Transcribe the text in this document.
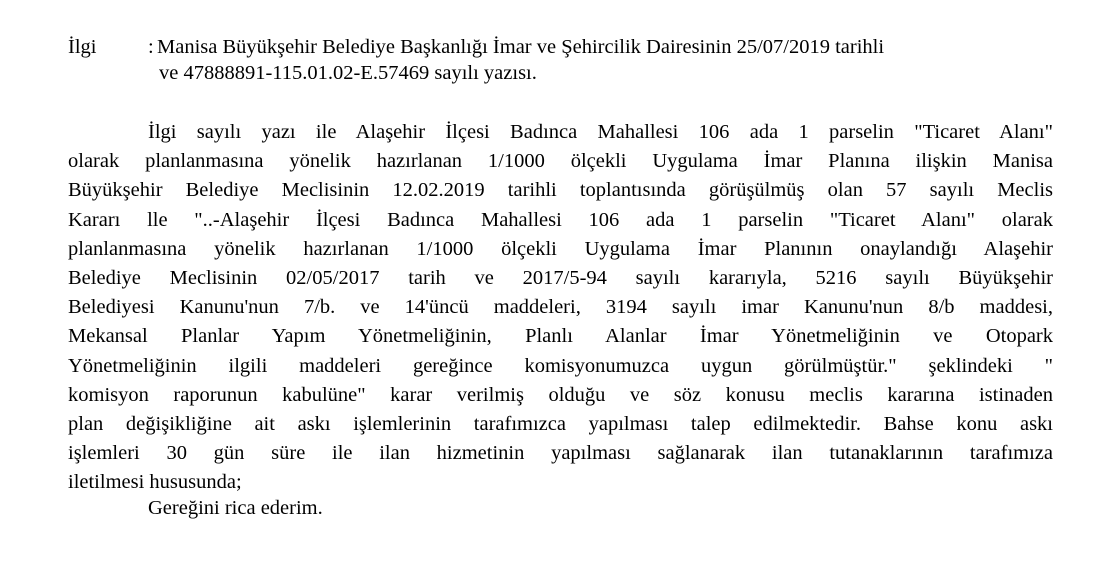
İlgi	: Manisa Büyükşehir Belediye Başkanlığı İmar ve Şehircilik Dairesinin 25/07/2019 tarihli
ve 47888891-115.01.02-E.57469 sayılı yazısı.
İlgi sayılı yazı ile Alaşehir İlçesi Badınca Mahallesi 106 ada 1 parselin "Ticaret Alanı"
olarak planlanmasına yönelik hazırlanan 1/1000 ölçekli Uygulama İmar Planına ilişkin Manisa
Büyükşehir Belediye Meclisinin 12.02.2019 tarihli toplantısında görüşülmüş olan 57 sayılı Meclis
Kararı lle "..-Alaşehir İlçesi Badınca Mahallesi 106 ada 1 parselin "Ticaret Alanı" olarak
planlanmasına yönelik hazırlanan 1/1000 ölçekli Uygulama İmar Planının onaylandığı Alaşehir
Belediye Meclisinin 02/05/2017 tarih ve 2017/5-94 sayılı kararıyla, 5216 sayılı Büyükşehir
Belediyesi Kanunu'nun 7/b. ve 14'üncü maddeleri, 3194 sayılı imar Kanunu'nun 8/b maddesi,
Mekansal Planlar Yapım Yönetmeliğinin, Planlı Alanlar İmar Yönetmeliğinin ve Otopark
Yönetmeliğinin ilgili maddeleri gereğince komisyonumuzca uygun görülmüştür." şeklindeki "
komisyon raporunun kabulüne" karar verilmiş olduğu ve söz konusu meclis kararına istinaden
plan değişikliğine ait askı işlemlerinin tarafımızca yapılması talep edilmektedir. Bahse konu askı
işlemleri 30 gün süre ile ilan hizmetinin yapılması sağlanarak ilan tutanaklarının tarafımıza
iletilmesi hususunda;
Gereğini rica ederim.
